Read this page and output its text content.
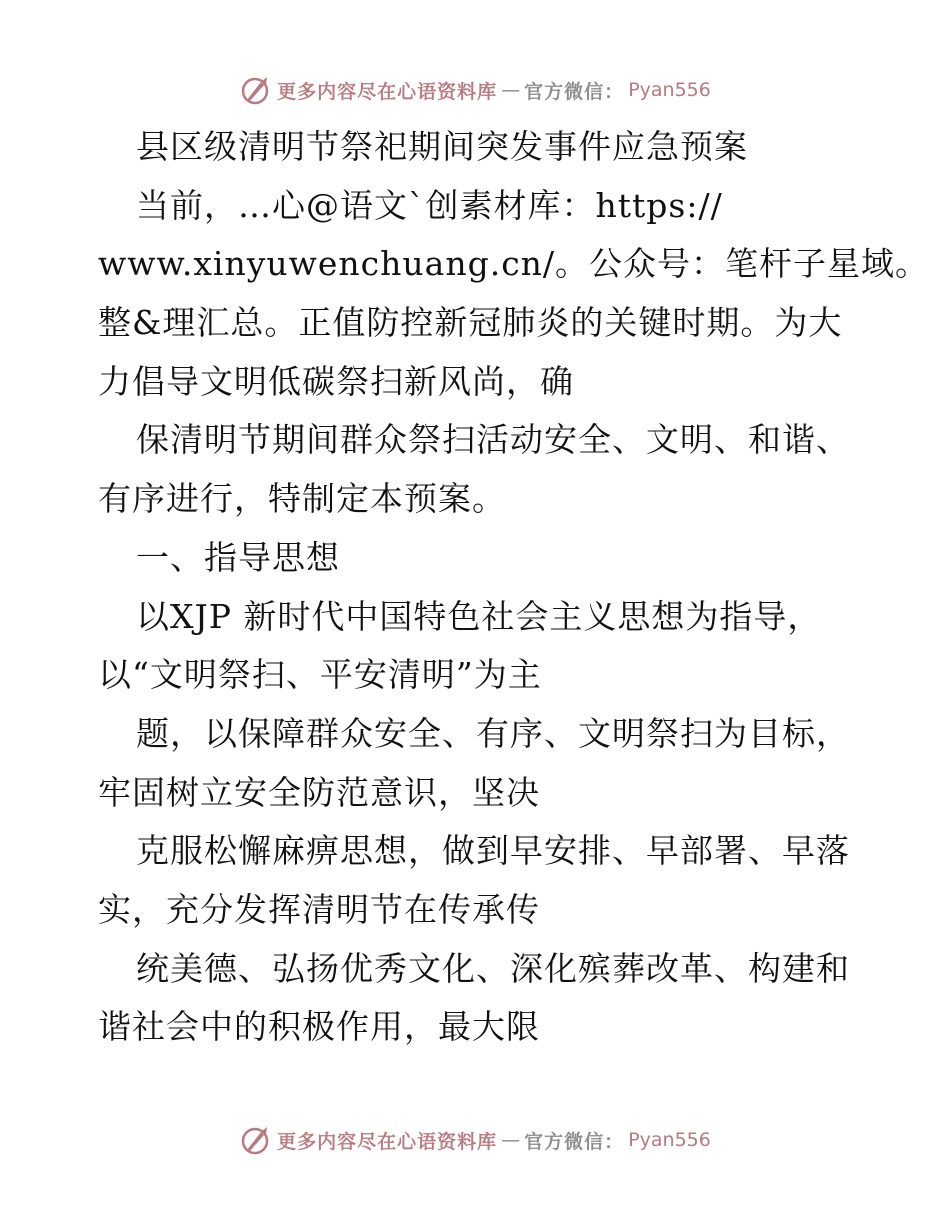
更多内容尽在心语资料库 — 官方微信： Pyan556
县区级清明节祭祀期间突发事件应急预案
当前，…心@语文`创素材库：https://
www.xinyuwenchuang.cn/。公众号：笔杆子星域。
整&理汇总。正值防控新冠肺炎的关键时期。为大
力倡导文明低碳祭扫新风尚，确
保清明节期间群众祭扫活动安全、文明、和谐、
有序进行，特制定本预案。
一、指导思想
以XJP 新时代中国特色社会主义思想为指导，
以“文明祭扫、平安清明”为主
题，以保障群众安全、有序、文明祭扫为目标，
牢固树立安全防范意识，坚决
克服松懈麻痹思想，做到早安排、早部署、早落
实，充分发挥清明节在传承传
统美德、弘扬优秀文化、深化殡葬改革、构建和
谐社会中的积极作用，最大限
更多内容尽在心语资料库 — 官方微信： Pyan556
